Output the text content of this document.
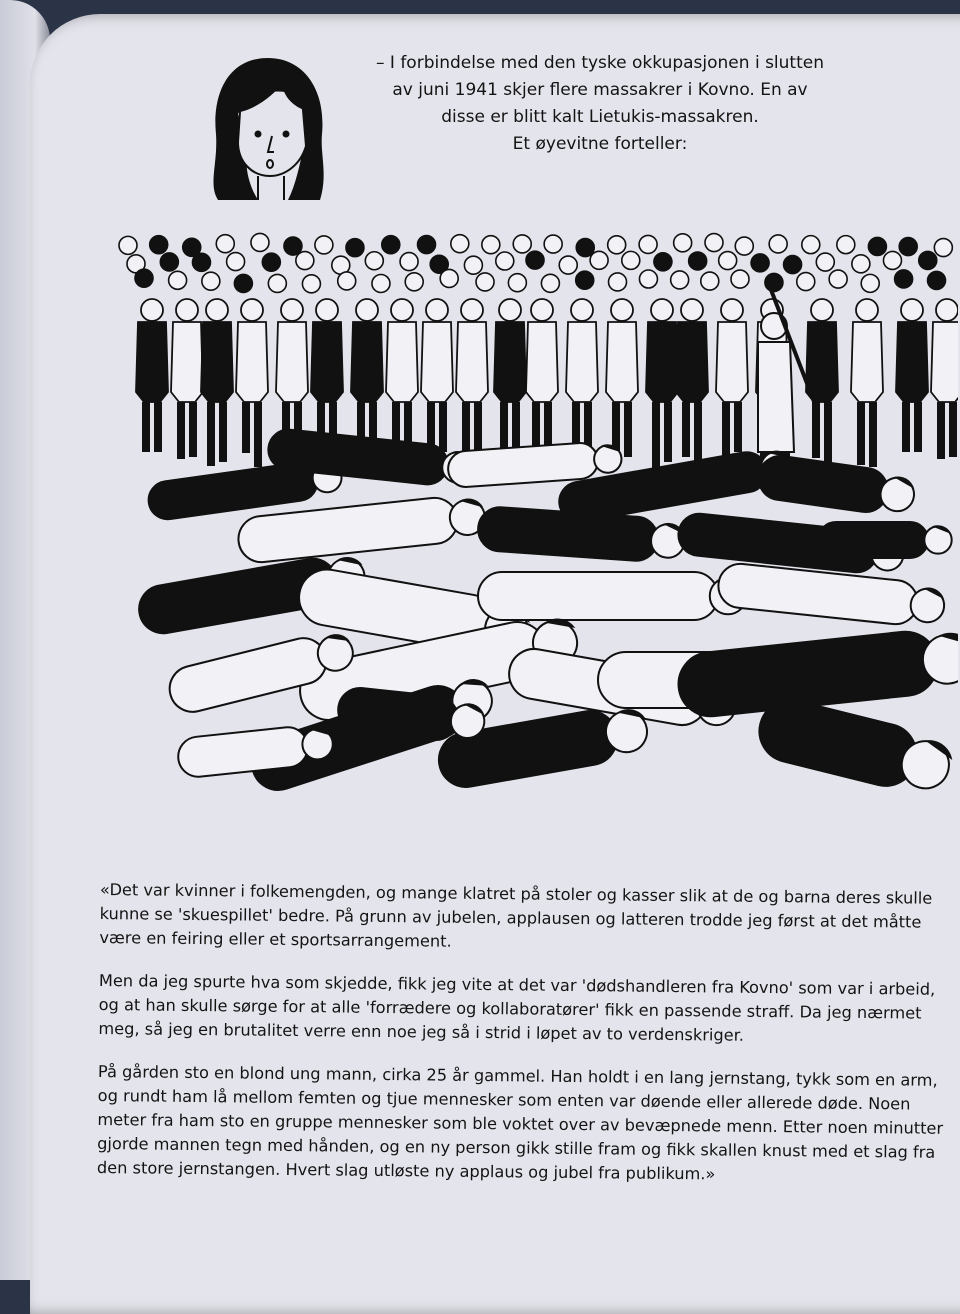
– I forbindelse med den tyske okkupasjonen i slutten

av juni 1941 skjer flere massakrer i Kovno. En av

disse er blitt kalt Lietukis-massakren.

Et øyevitne forteller:

«Det var kvinner i folkemengden, og mange klatret på stoler og kasser slik at de og barna deres skulle kunne se 'skuespillet' bedre. På grunn av jubelen, applausen og latteren trodde jeg først at det måtte være en feiring eller et sportsarrangement.

Men da jeg spurte hva som skjedde, fikk jeg vite at det var 'dødshandleren fra Kovno' som var i arbeid, og at han skulle sørge for at alle 'forrædere og kollaboratører' fikk en passende straff. Da jeg nærmet meg, så jeg en brutalitet verre enn noe jeg så i strid i løpet av to verdenskriger.

På gården sto en blond ung mann, cirka 25 år gammel. Han holdt i en lang jernstang, tykk som en arm, og rundt ham lå mellom femten og tjue mennesker som enten var døende eller allerede døde. Noen meter fra ham sto en gruppe mennesker som ble voktet over av bevæpnede menn. Etter noen minutter gjorde mannen tegn med hånden, og en ny person gikk stille fram og fikk skallen knust med et slag fra den store jernstangen. Hvert slag utløste ny applaus og jubel fra publikum.»
